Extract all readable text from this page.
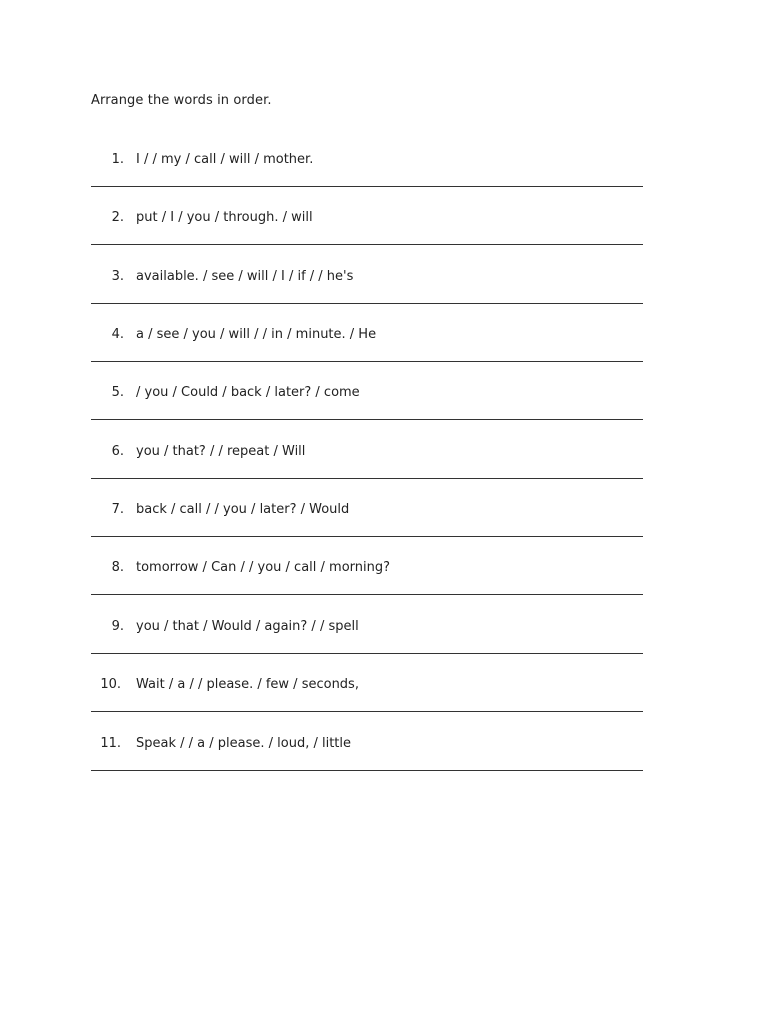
Arrange the words in order.
1. I / / my / call / will / mother.
2. put / I / you / through. / will
3. available. / see / will / I / if / / he's
4. a / see / you / will / / in / minute. / He
5. / you / Could / back / later? / come
6. you / that? / / repeat / Will
7. back / call / / you / later? / Would
8. tomorrow / Can / / you / call / morning?
9. you / that / Would / again? / / spell
10. Wait / a / / please. / few / seconds,
11. Speak / / a / please. / loud, / little
